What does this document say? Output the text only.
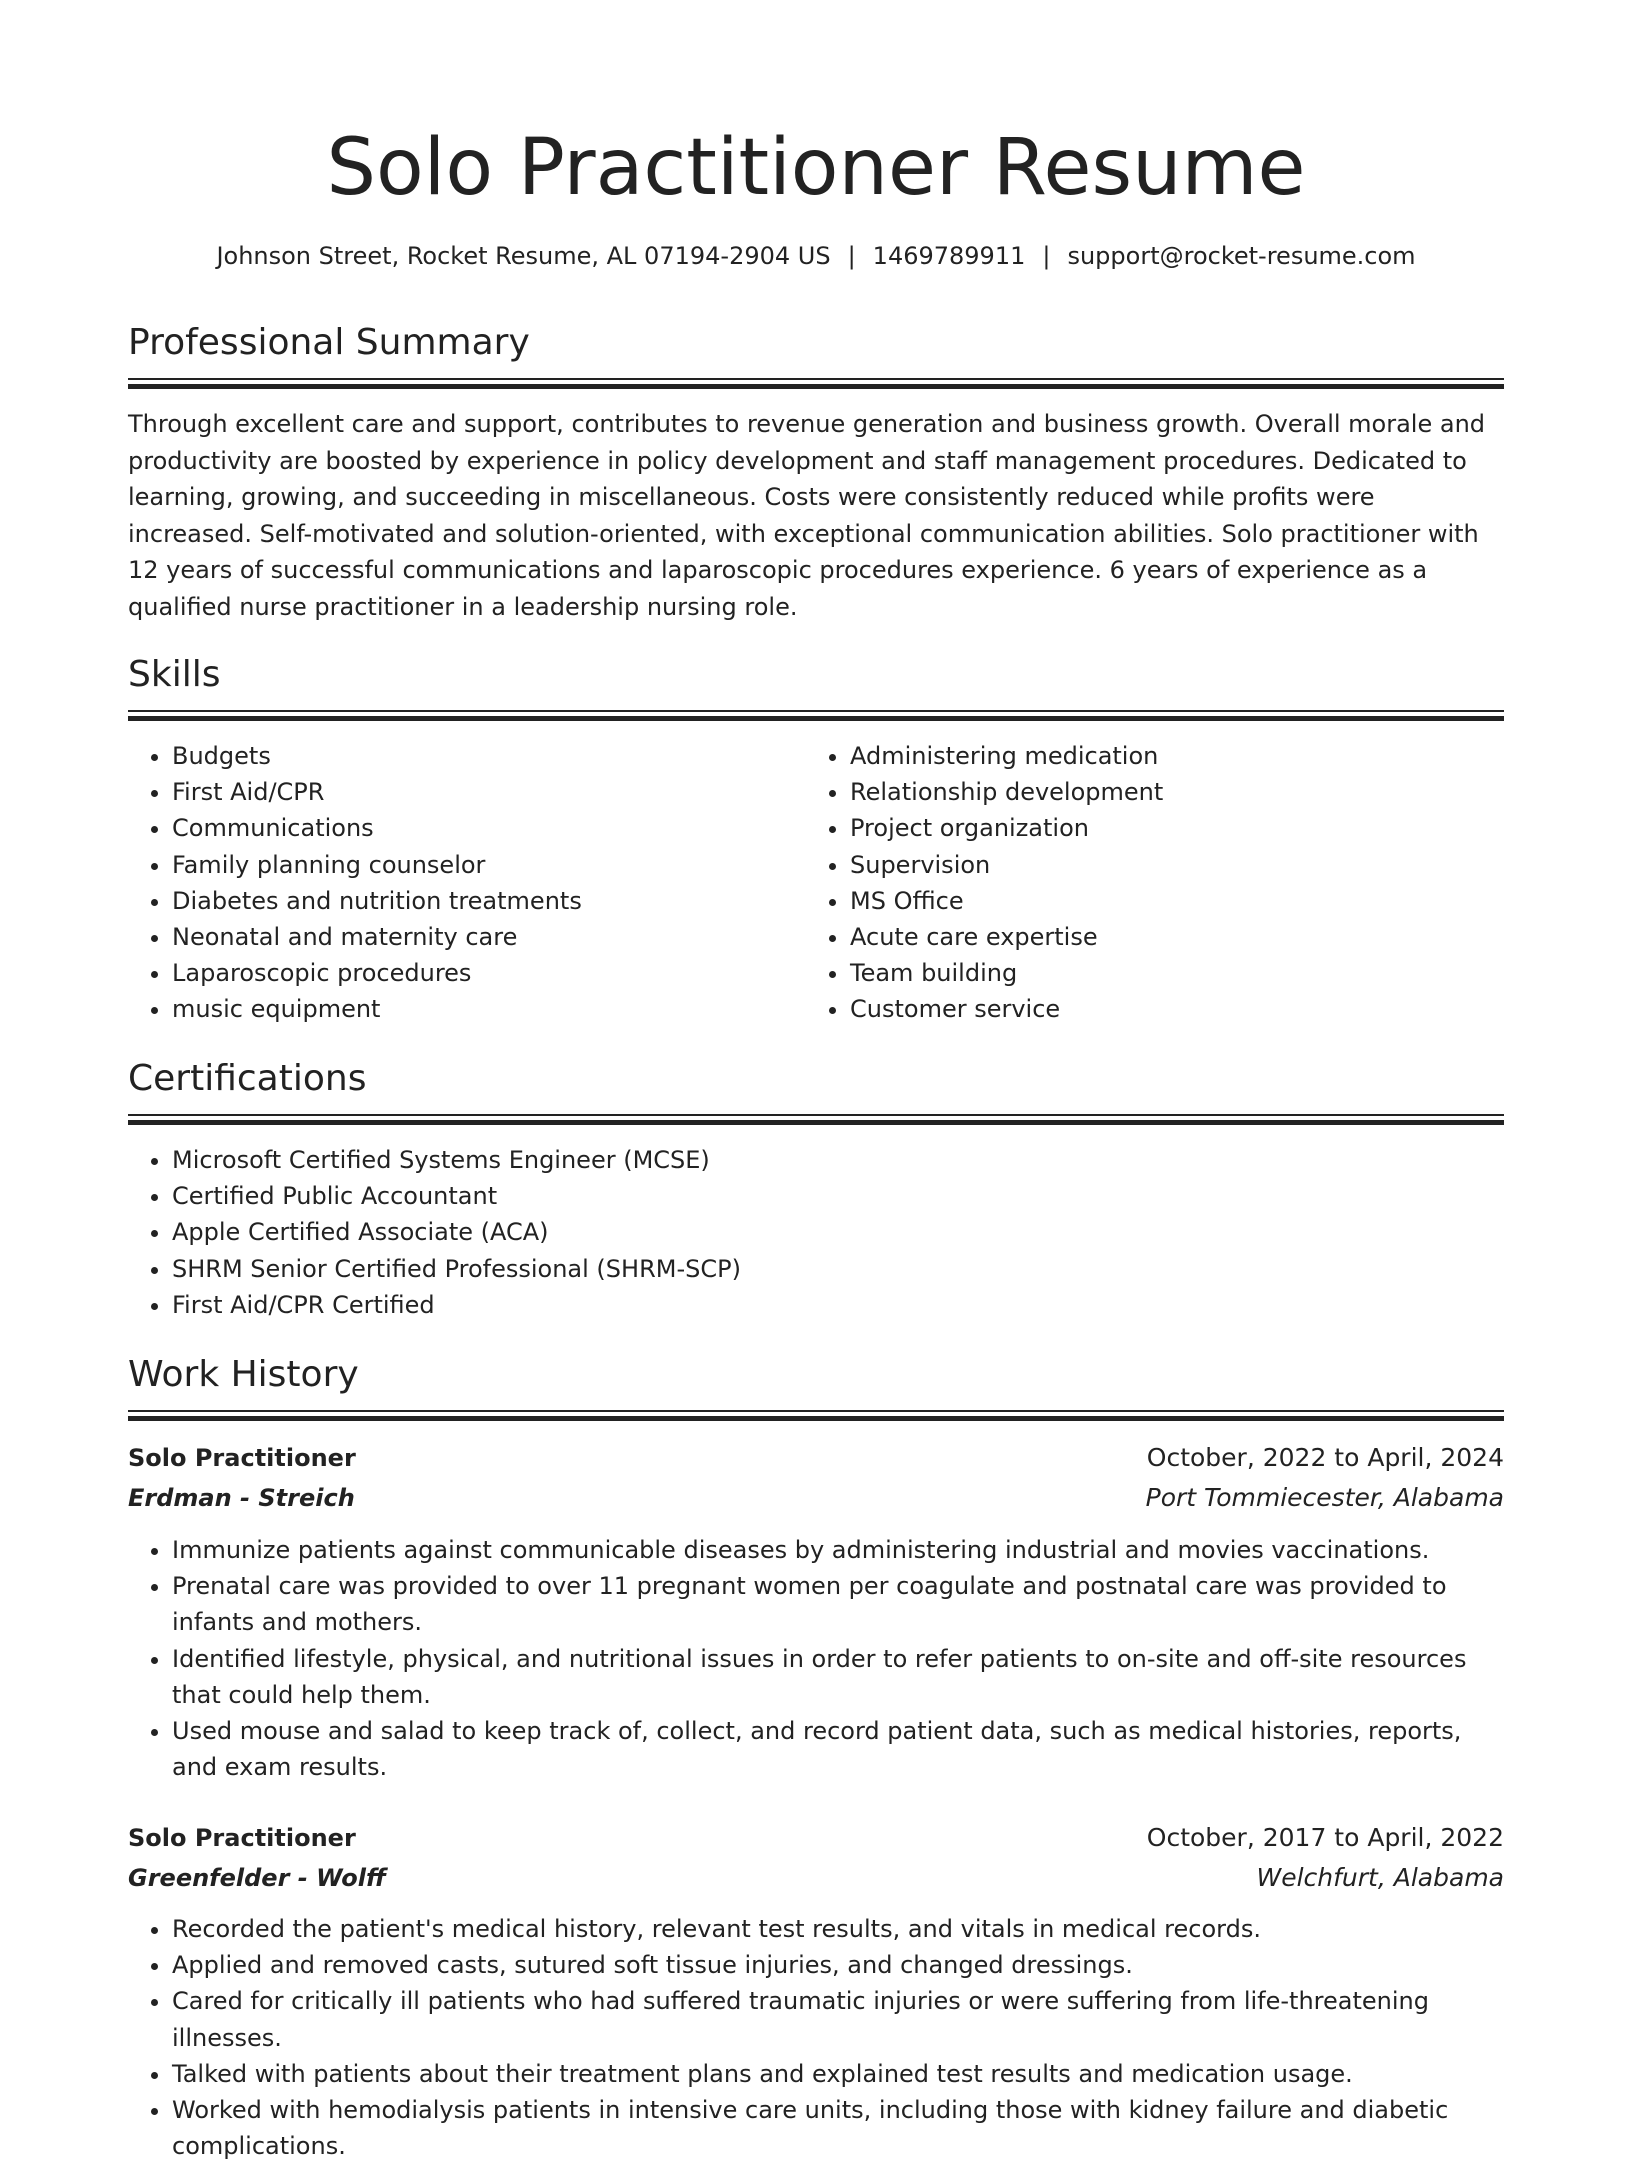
Solo Practitioner Resume
Johnson Street, Rocket Resume, AL 07194-2904 US | 1469789911 | support@rocket-resume.com
Professional Summary

Through excellent care and support, contributes to revenue generation and business growth. Overall morale and productivity are boosted by experience in policy development and staff management procedures. Dedicated to learning, growing, and succeeding in miscellaneous. Costs were consistently reduced while profits were increased. Self-motivated and solution-oriented, with exceptional communication abilities. Solo practitioner with 12 years of successful communications and laparoscopic procedures experience. 6 years of experience as a qualified nurse practitioner in a leadership nursing role.

Skills
• Budgets
• First Aid/CPR
• Communications
• Family planning counselor
• Diabetes and nutrition treatments
• Neonatal and maternity care
• Laparoscopic procedures
• music equipment
• Administering medication
• Relationship development
• Project organization
• Supervision
• MS Office
• Acute care expertise
• Team building
• Customer service
Certifications
• Microsoft Certified Systems Engineer (MCSE)
• Certified Public Accountant
• Apple Certified Associate (ACA)
• SHRM Senior Certified Professional (SHRM-SCP)
• First Aid/CPR Certified
Work History
Solo Practitioner	October, 2022 to April, 2024
Erdman - Streich	Port Tommiecester, Alabama
• Immunize patients against communicable diseases by administering industrial and movies vaccinations.
• Prenatal care was provided to over 11 pregnant women per coagulate and postnatal care was provided to infants and mothers.
• Identified lifestyle, physical, and nutritional issues in order to refer patients to on-site and off-site resources that could help them.
• Used mouse and salad to keep track of, collect, and record patient data, such as medical histories, reports, and exam results.
Solo Practitioner	October, 2017 to April, 2022
Greenfelder - Wolff	Welchfurt, Alabama
• Recorded the patient's medical history, relevant test results, and vitals in medical records.
• Applied and removed casts, sutured soft tissue injuries, and changed dressings.
• Cared for critically ill patients who had suffered traumatic injuries or were suffering from life-threatening illnesses.
• Talked with patients about their treatment plans and explained test results and medication usage.
• Worked with hemodialysis patients in intensive care units, including those with kidney failure and diabetic complications.
